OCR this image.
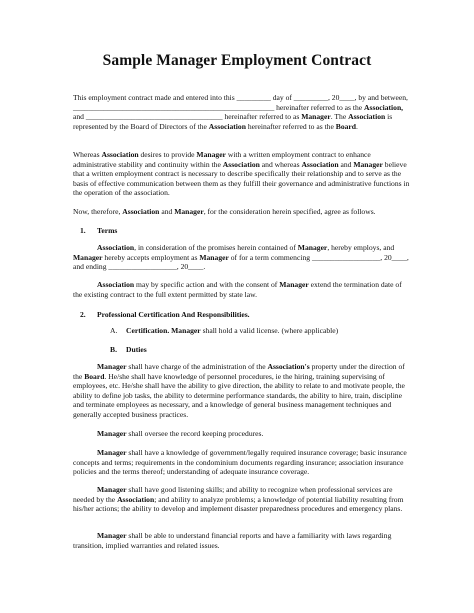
Sample Manager Employment Contract

This employment contract made and entered into this _________ day of _________, 20____, by and between, _____________________________________________________ hereinafter referred to as the Association, and ____________________________________ hereinafter referred to as Manager. The Association is represented by the Board of Directors of the Association hereinafter referred to as the Board.

Whereas Association desires to provide Manager with a written employment contract to enhance administrative stability and continuity within the Association and whereas Association and Manager believe that a written employment contract is necessary to describe specifically their relationship and to serve as the basis of effective communication between them as they fulfill their governance and administrative functions in the operation of the association.

Now, therefore, Association and Manager, for the consideration herein specified, agree as follows.

1. Terms

Association, in consideration of the promises herein contained of Manager, hereby employs, and Manager hereby accepts employment as Manager of for a term commencing __________________, 20____, and ending __________________, 20____.

Association may by specific action and with the consent of Manager extend the termination date of the existing contract to the full extent permitted by state law.

2. Professional Certification And Responsibilities.
A. Certification. Manager shall hold a valid license. (where applicable)
B. Duties

Manager shall have charge of the administration of the Association's property under the direction of the Board. He/she shall have knowledge of personnel procedures, ie the hiring, training supervising of employees, etc. He/she shall have the ability to give direction, the ability to relate to and motivate people, the ability to define job tasks, the ability to determine performance standards, the ability to hire, train, discipline and terminate employees as necessary, and a knowledge of general business management techniques and generally accepted business practices.

Manager shall oversee the record keeping procedures.

Manager shall have a knowledge of government/legally required insurance coverage; basic insurance concepts and terms; requirements in the condominium documents regarding insurance; association insurance policies and the terms thereof; understanding of adequate insurance coverage.

Manager shall have good listening skills; and ability to recognize when professional services are needed by the Association; and ability to analyze problems; a knowledge of potential liability resulting from his/her actions; the ability to develop and implement disaster preparedness procedures and emergency plans.

Manager shall be able to understand financial reports and have a familiarity with laws regarding transition, implied warranties and related issues.
